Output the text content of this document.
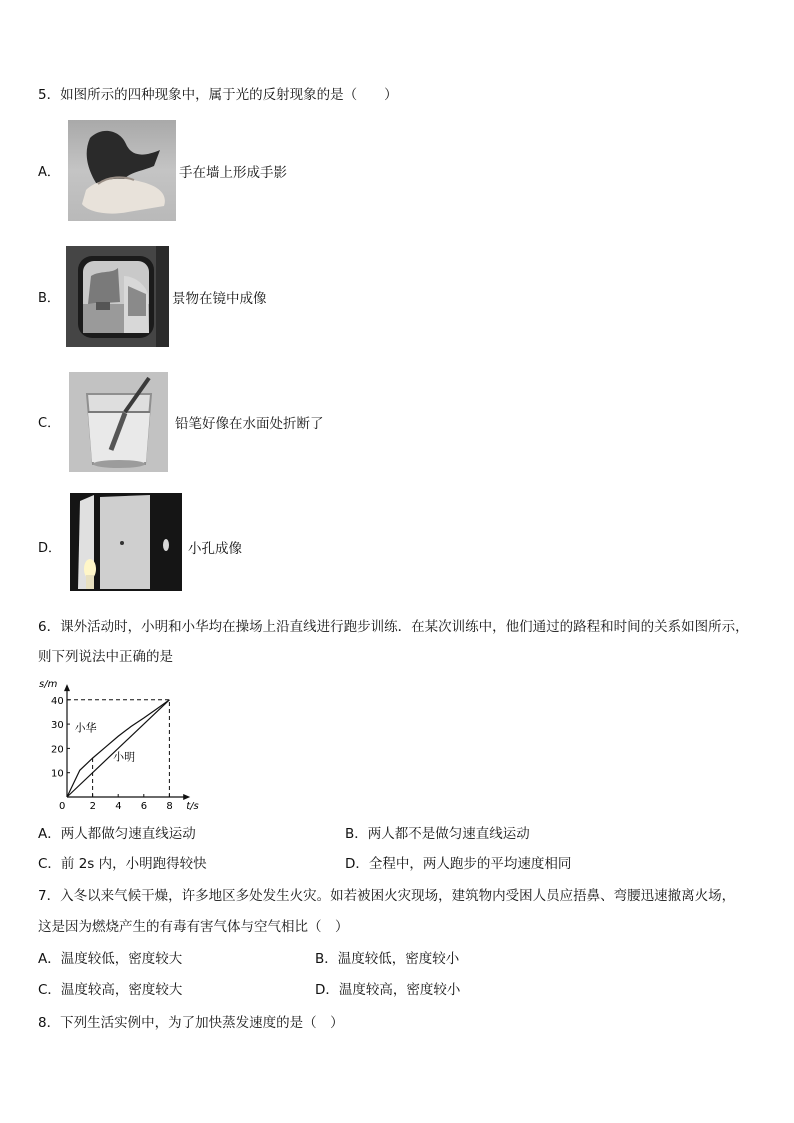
5．如图所示的四种现象中，属于光的反射现象的是（　　）
A．	手在墙上形成手影
B．	景物在镜中成像
C．	铅笔好像在水面处折断了
D．	小孔成像
6．课外活动时，小明和小华均在操场上沿直线进行跑步训练．在某次训练中，他们通过的路程和时间的关系如图所示，
则下列说法中正确的是
t/s
s/m
0 2 4 6 8
10
20
30
40
小华
小明
A．两人都做匀速直线运动	B．两人都不是做匀速直线运动
C．前 2s 内，小明跑得较快	D．全程中，两人跑步的平均速度相同
7．入冬以来气候干燥，许多地区多处发生火灾。如若被困火灾现场，建筑物内受困人员应捂鼻、弯腰迅速撤离火场，
这是因为燃烧产生的有毒有害气体与空气相比（　）
A．温度较低，密度较大	B．温度较低，密度较小
C．温度较高，密度较大	D．温度较高，密度较小
8．下列生活实例中，为了加快蒸发速度的是（　）
